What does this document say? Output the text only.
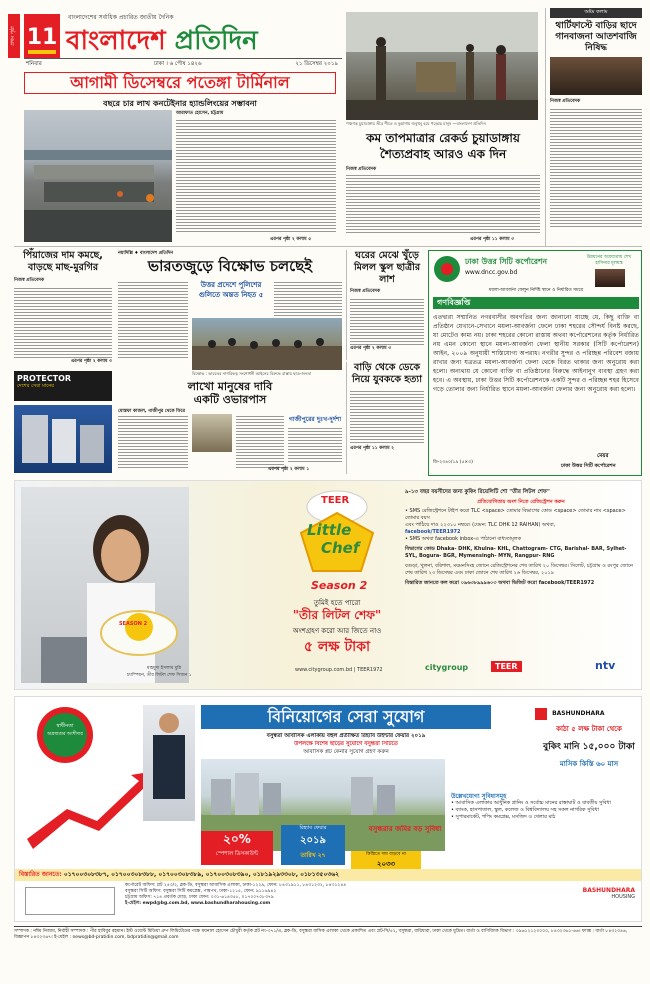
প্রথম পৃষ্ঠা 11
বাংলাদেশের সর্বাধিক প্রচারিত জাতীয় দৈনিক
বাংলাদেশ প্রতিদিন
শনিবার	ঢাকা । ৬ পৌষ ১৪২৬	২১ ডিসেম্বর ২০১৯
পঞ্চগড় চুয়াডাঙ্গায় তীব্র শীতে ও কুয়াশায় জবুথবু হয়ে পড়েছে মানুষ —বাংলাদেশ প্রতিদিন
অষ্টম কলাম
থার্টিফাস্টে বাড়ির ছাদে গানবাজনা আতশবাজি নিষিদ্ধ
নিজস্ব প্রতিবেদক
আগামী ডিসেম্বরে পতেঙ্গা টার্মিনাল
বছরে চার লাখ কনটেইনার হ্যান্ডলিংয়ের সম্ভাবনা
আরাফাত হোসেন, চট্টগ্রাম
এরপর পৃষ্ঠা ২ কলাম ৫
কম তাপমাত্রার রেকর্ড চুয়াডাঙ্গায়
শৈত্যপ্রবাহ আরও এক দিন
নিজস্ব প্রতিবেদক
এরপর পৃষ্ঠা ১১ কলাম ৩
পিঁয়াজের দাম কমছে, বাড়ছে মাছ-মুরগির
নিজস্ব প্রতিবেদক
এরপর পৃষ্ঠা ২ কলাম ৩
PROTECTOR
দেশের সেরা মানের
নয়াদিল্লি ♦ বাংলাদেশ প্রতিদিন
ভারতজুড়ে বিক্ষোভ চলছেই
উত্তর প্রদেশে পুলিশের গুলিতে অন্তত নিহত ৫
বিক্ষোভ : ভারতের নাগরিকত্ব সংশোধনী আইনের বিরুদ্ধে রাস্তায় ছাত্র-জনতা
লাখো মানুষের দাবি
একটি ওভারপাস
মোস্তফা কাজল, গাজীপুর থেকে ফিরে
গাজীপুরের দুঃখ-দুর্দশা
এরপর পৃষ্ঠা ২ কলাম ১
ঘরের মেঝে খুঁড়ে মিলল স্কুল ছাত্রীর লাশ
নিজস্ব প্রতিবেদক
এরপর পৃষ্ঠা ২ কলাম ৩
বাড়ি থেকে ডেকে নিয়ে যুবককে হত্যা
এরপর পৃষ্ঠা ১১ কলাম ২
ঢাকা উত্তর সিটি কর্পোরেশন
www.dncc.gov.bd
উন্নয়নের অগ্রযাত্রায় শেখ হাসিনার মূলমন্ত্র
ময়লা-আবর্জনা ফেলুন নির্দিষ্ট স্থানে ও নির্ধারিত সময়ে
গণবিজ্ঞপ্তি
এতদ্বারা সম্মানিত নগরবাসীর অবগতির জন্য জানানো যাচ্ছে যে, কিছু ব্যক্তি বা প্রতিষ্ঠান যেখানে-সেখানে ময়লা-আবর্জনা ফেলে ঢাকা শহরের সৌন্দর্য বিনষ্ট করছে, যা মোটেও কাম্য নয়। ঢাকা শহরের কোনো রাস্তায় অথবা কর্পোরেশনের কর্তৃক নির্ধারিত নয় এমন কোনো স্থানে ময়লা-আবর্জনা ফেলা স্থানীয় সরকার (সিটি কর্পোরেশন) আইন, ২০০৯ অনুযায়ী শাস্তিযোগ্য অপরাধ। নগরীর সুন্দর ও পরিচ্ছন্ন পরিবেশ বজায় রাখার জন্য যত্রতত্র ময়লা-আবর্জনা ফেলা থেকে বিরত থাকার জন্য অনুরোধ করা হলো। অন্যথায় যে কোনো ব্যক্তি বা প্রতিষ্ঠানের বিরুদ্ধে আইনানুগ ব্যবস্থা গ্রহণ করা হবে। এ অবস্থায়, ঢাকা উত্তর সিটি কর্পোরেশনকে একটি সুন্দর ও পরিচ্ছন্ন শহর হিসেবে গড়ে তোলার জন্য নির্ধারিত স্থানে ময়লা-আবর্জনা ফেলার জন্য অনুরোধ করা হলো।
ডি-২৩৪০/১৯ (৫×৩)
মেয়র
ঢাকা উত্তর সিটি কর্পোরেশন
SEASON 2
মাহমুদা ইসলাম মুন্নি
চ্যাম্পিয়ন, তীর লিটল শেফ সিজন ১
TEER
Little
Chef
Season 2
তুমিই হতে পারো
"তীর লিটল শেফ"
অংশগ্রহণ করো আর জিতে নাও
৫ লক্ষ টাকা
www.citygroup.com.bd | TEER1972
৯-১৩ বছর বয়সীদের জন্য কুকিং রিয়েলিটি শো "তীর লিটল শেফ"
প্রতিযোগিতায় অংশ নিতে রেজিস্ট্রেশন করুন
• SMS রেজিস্ট্রেশনে টাইপ করো TLC <space> তোমার বিভাগের কোড <space> তোমার নাম <space> তোমার বয়স
এবং পাঠিয়ে দাও ২২৩১০ নম্বরে। (যেমন: TLC DHK 12 RAIHAN) অথবা,
facebook/TEER1972
• SMS অথবা facebook inbox-এ পাঠানো বাধ্যতামূলক
বিভাগের কোড Dhaka- DHK, Khulna- KHL, Chattogram- CTG, Barishal- BAR, Sylhet- SYL, Bogura- BGR, Mymensingh- MYN, Rangpur- RNG
বগুড়া, খুলনা, বরিশাল, ময়মনসিংহ জোনে রেজিস্ট্রেশনের শেষ তারিখ ২০ ডিসেম্বর। সিলেট, চট্টগ্রাম ও রংপুর জোনে শেষ তারিখ ২৩ ডিসেম্বর এবং ঢাকা জোনে শেষ তারিখ ২৬ ডিসেম্বর, ২০১৯
বিস্তারিত জানতে কল করো ০৯৬৩৮৯৯৯৬০৩ অথবা ভিজিট করো facebook/TEER1972
citygroup	TEER	ntv
স্বাধীনতা
অগ্রযাত্রার অংশীদার
বিনিয়োগের সেরা সুযোগ
বসুন্ধরা আবাসিক এলাকায় বহুল প্রতীক্ষিত রিহ্যাব উইন্টার ফেয়ার ২০১৯
উপলক্ষে বিশেষ ছাড়ের সুযোগে বসুন্ধরা সিটিতে
আবাসিক প্লট কেনার সুযোগ গ্রহণ করুন
BASHUNDHARA
কাঠা ৫ লক্ষ টাকা থেকে
বুকিং মানি ১৫,০০০ টাকা
মাসিক কিস্তি ৬০ মাস
বসুন্ধরার জমির বড় সুবিধা
২০%
স্পেশাল ডিসকাউন্ট
রিহ্যাব ফেয়ার
২০১৯
তারিখ ২৭	কিস্তিতে দাম বাড়বে না
২০৩৩
উল্লেখযোগ্য সুবিধাসমূহ
• আবাসিক এলাকার আধুনিক প্লানিং ও সর্বোচ্চ মানের রাস্তাঘাট ও যাবতীয় সুবিধা
• ব্যাংক, হাসপাতাল, স্কুল, কলেজ ও বিশ্ববিদ্যালয় সহ সকল নাগরিক সুবিধা
• সুপারমার্কেট, শপিং কমপ্লেক্স, মসজিদ ও খেলার মাঠ
বিস্তারিত জানতে: ০১৭০০৩০৮৩৮৭, ০১৭০০৩০৮৩৮৮, ০১৭০০৩০৮৩৮৯, ০১৭০০৩০৮৩৯০, ০১৮১৯২৯৩৩০৮, ০১৮১৩৫০৩৬২
কর্পোরেট অফিস: প্লট ২৫৩/২, ব্লক-ডি, বসুন্ধরা আবাসিক এলাকা, ঢাকা-১২২৯, ফোন: ৮৪৩১৯১১, ৮৪৩১২৩২, ৮৪৩১২৪৪
বসুন্ধরা সিটি অফিস: বসুন্ধরা সিটি কমপ্লেক্স, পান্থপথ, ঢাকা-১২১৫, ফোন: ৯১১৬৯৪২
চট্টগ্রাম অফিস: ৭১৪ প্রবর্তক মোড়, ঢাকা ফোন: ০৩১-৬১৪৩৫৮, ০১৭০০৭০৮৩৭৯
ই-মেইল: ewpd@bg.com.bd, www.bashundharahousing.com
BASHUNDHARA
HOUSING
সম্পাদক : নঈম নিজাম, নির্বাহী সম্পাদক : পীর হাবিবুর রহমান। ইস্ট ওয়েস্ট মিডিয়া গ্রুপ লিমিটেডের পক্ষে ময়নাল হোসেন চৌধুরী কর্তৃক প্লট নং-৩৭১/এ, ব্লক-ডি, বসুন্ধরা বাসিক এলাকা থেকে প্রকাশিত এবং প্লট-সি/৫২, বসুন্ধরা, বারিধারা, ঢাকা থেকে মুদ্রিত। বার্তা ও বাণিজ্যিক বিভাগ : ০৯৬১২১২০০০০, ৮৪৩২৩৬১-৬৬। ফ্যাক্স : বার্তা ৮৪৩২৩৪৬, বিজ্ঞাপন ৮৪৩২৩৬৭। ই-মেইল : news@bd-pratidin.com, bdpratidin@gmail.com
